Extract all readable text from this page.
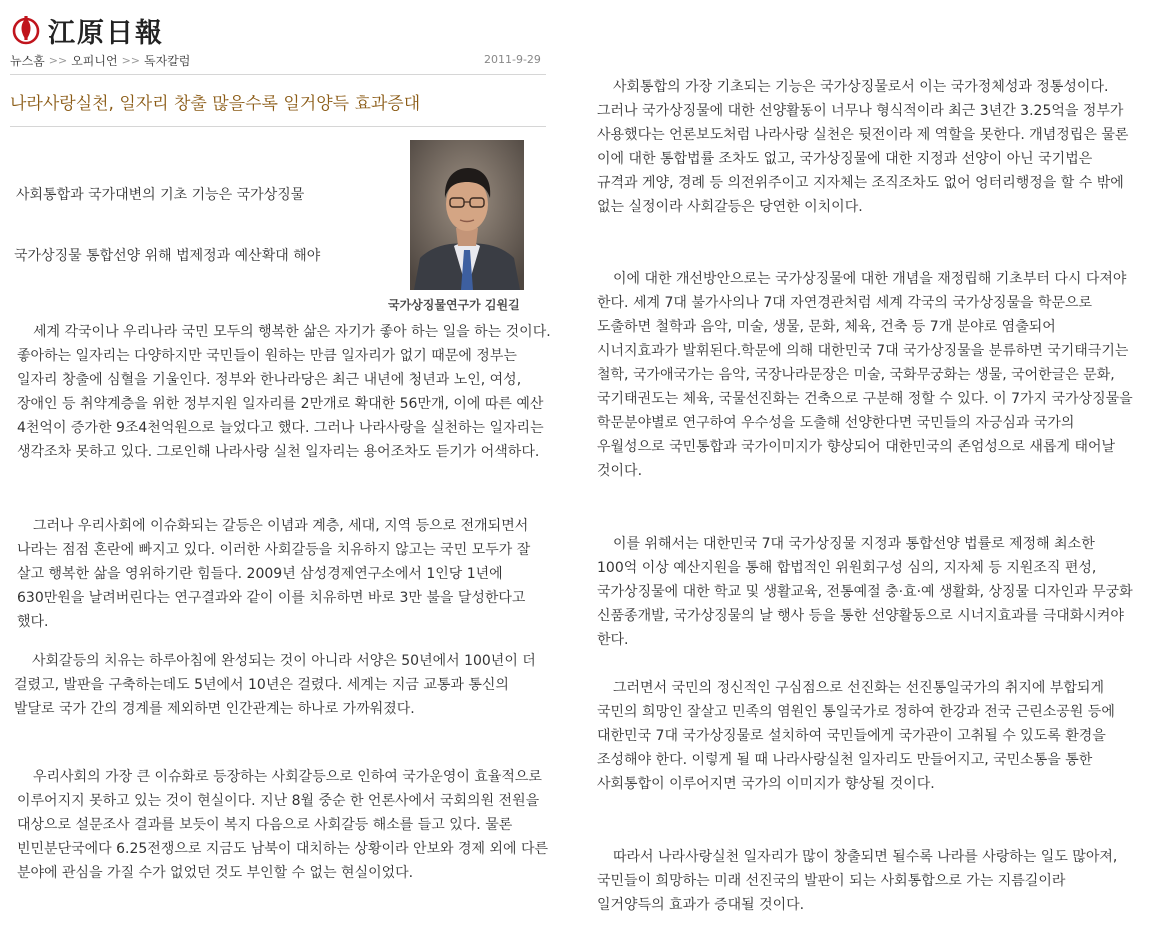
江原日報
뉴스홈 >> 오피니언 >> 독자칼럼	2011-9-29
나라사랑실천, 일자리 창출 많을수록 일거양득 효과증대
사회통합과 국가대변의 기초 기능은 국가상징물
국가상징물 통합선양 위해 법제정과 예산확대 해야
국가상징물연구가 김원길

세계 각국이나 우리나라 국민 모두의 행복한 삶은 자기가 좋아 하는 일을 하는 것이다. 좋아하는 일자리는 다양하지만 국민들이 원하는 만큼 일자리가 없기 때문에 정부는 일자리 창출에 심혈을 기울인다. 정부와 한나라당은 최근 내년에 청년과 노인, 여성, 장애인 등 취약계층을 위한 정부지원 일자리를 2만개로 확대한 56만개, 이에 따른 예산 4천억이 증가한 9조4천억원으로 늘었다고 했다. 그러나 나라사랑을 실천하는 일자리는 생각조차 못하고 있다. 그로인해 나라사랑 실천 일자리는 용어조차도 듣기가 어색하다.

그러나 우리사회에 이슈화되는 갈등은 이념과 계층, 세대, 지역 등으로 전개되면서 나라는 점점 혼란에 빠지고 있다. 이러한 사회갈등을 치유하지 않고는 국민 모두가 잘 살고 행복한 삶을 영위하기란 힘들다. 2009년 삼성경제연구소에서 1인당 1년에 630만원을 날려버린다는 연구결과와 같이 이를 치유하면 바로 3만 불을 달성한다고 했다.

사회갈등의 치유는 하루아침에 완성되는 것이 아니라 서양은 50년에서 100년이 더 걸렸고, 발판을 구축하는데도 5년에서 10년은 걸렸다. 세계는 지금 교통과 통신의 발달로 국가 간의 경계를 제외하면 인간관계는 하나로 가까워졌다.

우리사회의 가장 큰 이슈화로 등장하는 사회갈등으로 인하여 국가운영이 효율적으로 이루어지지 못하고 있는 것이 현실이다. 지난 8월 중순 한 언론사에서 국회의원 전원을 대상으로 설문조사 결과를 보듯이 복지 다음으로 사회갈등 해소를 들고 있다. 물론 빈민분단국에다 6.25전쟁으로 지금도 남북이 대치하는 상황이라 안보와 경제 외에 다른 분야에 관심을 가질 수가 없었던 것도 부인할 수 없는 현실이었다.

사회통합의 가장 기초되는 기능은 국가상징물로서 이는 국가정체성과 정통성이다. 그러나 국가상징물에 대한 선양활동이 너무나 형식적이라 최근 3년간 3.25억을 정부가 사용했다는 언론보도처럼 나라사랑 실천은 뒷전이라 제 역할을 못한다. 개념정립은 물론 이에 대한 통합법률 조차도 없고, 국가상징물에 대한 지정과 선양이 아닌 국기법은 규격과 게양, 경례 등 의전위주이고 지자체는 조직조차도 없어 엉터리행정을 할 수 밖에 없는 실정이라 사회갈등은 당연한 이치이다.

이에 대한 개선방안으로는 국가상징물에 대한 개념을 재정립해 기초부터 다시 다져야 한다. 세계 7대 불가사의나 7대 자연경관처럼 세계 각국의 국가상징물을 학문으로 도출하면 철학과 음악, 미술, 생물, 문화, 체육, 건축 등 7개 분야로 염출되어 시너지효과가 발휘된다.학문에 의해 대한민국 7대 국가상징물을 분류하면 국기태극기는 철학, 국가애국가는 음악, 국장나라문장은 미술, 국화무궁화는 생물, 국어한글은 문화, 국기태권도는 체육, 국물선진화는 건축으로 구분해 정할 수 있다. 이 7가지 국가상징물을 학문분야별로 연구하여 우수성을 도출해 선양한다면 국민들의 자긍심과 국가의 우월성으로 국민통합과 국가이미지가 향상되어 대한민국의 존엄성으로 새롭게 태어날 것이다.

이를 위해서는 대한민국 7대 국가상징물 지정과 통합선양 법률로 제정해 최소한 100억 이상 예산지원을 통해 합법적인 위원회구성 심의, 지자체 등 지원조직 편성, 국가상징물에 대한 학교 및 생활교육, 전통예절 충·효·예 생활화, 상징물 디자인과 무궁화 신품종개발, 국가상징물의 날 행사 등을 통한 선양활동으로 시너지효과를 극대화시켜야 한다.

그러면서 국민의 정신적인 구심점으로 선진화는 선진통일국가의 취지에 부합되게 국민의 희망인 잘살고 민족의 염원인 통일국가로 정하여 한강과 전국 근린소공원 등에 대한민국 7대 국가상징물로 설치하여 국민들에게 국가관이 고취될 수 있도록 환경을 조성해야 한다. 이렇게 될 때 나라사랑실천 일자리도 만들어지고, 국민소통을 통한 사회통합이 이루어지면 국가의 이미지가 향상될 것이다.

따라서 나라사랑실천 일자리가 많이 창출되면 될수록 나라를 사랑하는 일도 많아져, 국민들이 희망하는 미래 선진국의 발판이 되는 사회통합으로 가는 지름길이라 일거양득의 효과가 증대될 것이다.
